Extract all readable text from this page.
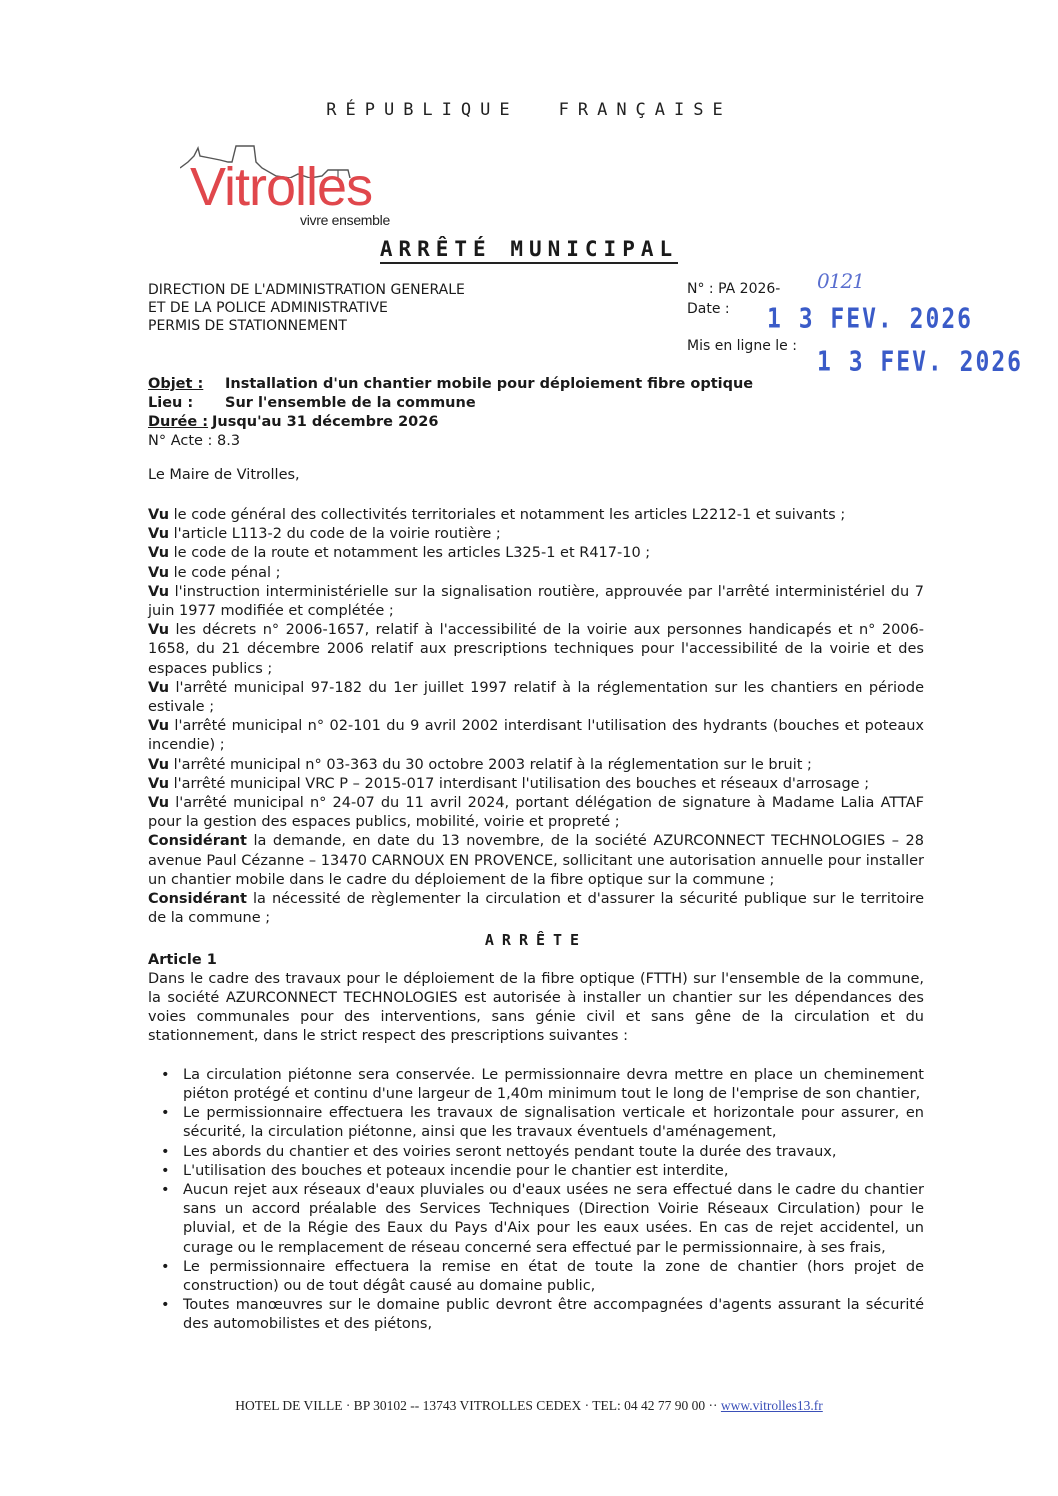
RÉPUBLIQUE FRANÇAISE
Vitrolles
vivre ensemble
ARRÊTÉ MUNICIPAL
DIRECTION DE L'ADMINISTRATION GENERALE
ET DE LA POLICE ADMINISTRATIVE
PERMIS DE STATIONNEMENT
N° : PA 2026- 0121
Date : 1 3 FEV. 2026
Mis en ligne le :
1 3 FEV. 2026
Objet : Installation d'un chantier mobile pour déploiement fibre optique
Lieu : Sur l'ensemble de la commune
Durée : Jusqu'au 31 décembre 2026
N° Acte : 8.3
Le Maire de Vitrolles,

Vu le code général des collectivités territoriales et notamment les articles L2212-1 et suivants ;

Vu l'article L113-2 du code de la voirie routière ;

Vu le code de la route et notamment les articles L325-1 et R417-10 ;

Vu le code pénal ;

Vu l'instruction interministérielle sur la signalisation routière, approuvée par l'arrêté interministériel du 7 juin 1977 modifiée et complétée ;

Vu les décrets n° 2006-1657, relatif à l'accessibilité de la voirie aux personnes handicapés et n° 2006-1658, du 21 décembre 2006 relatif aux prescriptions techniques pour l'accessibilité de la voirie et des espaces publics ;

Vu l'arrêté municipal 97-182 du 1er juillet 1997 relatif à la réglementation sur les chantiers en période estivale ;

Vu l'arrêté municipal n° 02-101 du 9 avril 2002 interdisant l'utilisation des hydrants (bouches et poteaux incendie) ;

Vu l'arrêté municipal n° 03-363 du 30 octobre 2003 relatif à la réglementation sur le bruit ;

Vu l'arrêté municipal VRC P – 2015-017 interdisant l'utilisation des bouches et réseaux d'arrosage ;

Vu l'arrêté municipal n° 24-07 du 11 avril 2024, portant délégation de signature à Madame Lalia ATTAF pour la gestion des espaces publics, mobilité, voirie et propreté ;

Considérant la demande, en date du 13 novembre, de la société AZURCONNECT TECHNOLOGIES – 28 avenue Paul Cézanne – 13470 CARNOUX EN PROVENCE, sollicitant une autorisation annuelle pour installer un chantier mobile dans le cadre du déploiement de la fibre optique sur la commune ;

Considérant la nécessité de règlementer la circulation et d'assurer la sécurité publique sur le territoire de la commune ;

ARRÊTE

Article 1

Dans le cadre des travaux pour le déploiement de la fibre optique (FTTH) sur l'ensemble de la commune, la société AZURCONNECT TECHNOLOGIES est autorisée à installer un chantier sur les dépendances des voies communales pour des interventions, sans génie civil et sans gêne de la circulation et du stationnement, dans le strict respect des prescriptions suivantes :

• La circulation piétonne sera conservée. Le permissionnaire devra mettre en place un cheminement piéton protégé et continu d'une largeur de 1,40m minimum tout le long de l'emprise de son chantier,
• Le permissionnaire effectuera les travaux de signalisation verticale et horizontale pour assurer, en sécurité, la circulation piétonne, ainsi que les travaux éventuels d'aménagement,
• Les abords du chantier et des voiries seront nettoyés pendant toute la durée des travaux,
• L'utilisation des bouches et poteaux incendie pour le chantier est interdite,
• Aucun rejet aux réseaux d'eaux pluviales ou d'eaux usées ne sera effectué dans le cadre du chantier sans un accord préalable des Services Techniques (Direction Voirie Réseaux Circulation) pour le pluvial, et de la Régie des Eaux du Pays d'Aix pour les eaux usées. En cas de rejet accidentel, un curage ou le remplacement de réseau concerné sera effectué par le permissionnaire, à ses frais,
• Le permissionnaire effectuera la remise en état de toute la zone de chantier (hors projet de construction) ou de tout dégât causé au domaine public,
• Toutes manœuvres sur le domaine public devront être accompagnées d'agents assurant la sécurité des automobilistes et des piétons,
HOTEL DE VILLE · BP 30102 -- 13743 VITROLLES CEDEX · TEL: 04 42 77 90 00 ·· www.vitrolles13.fr
